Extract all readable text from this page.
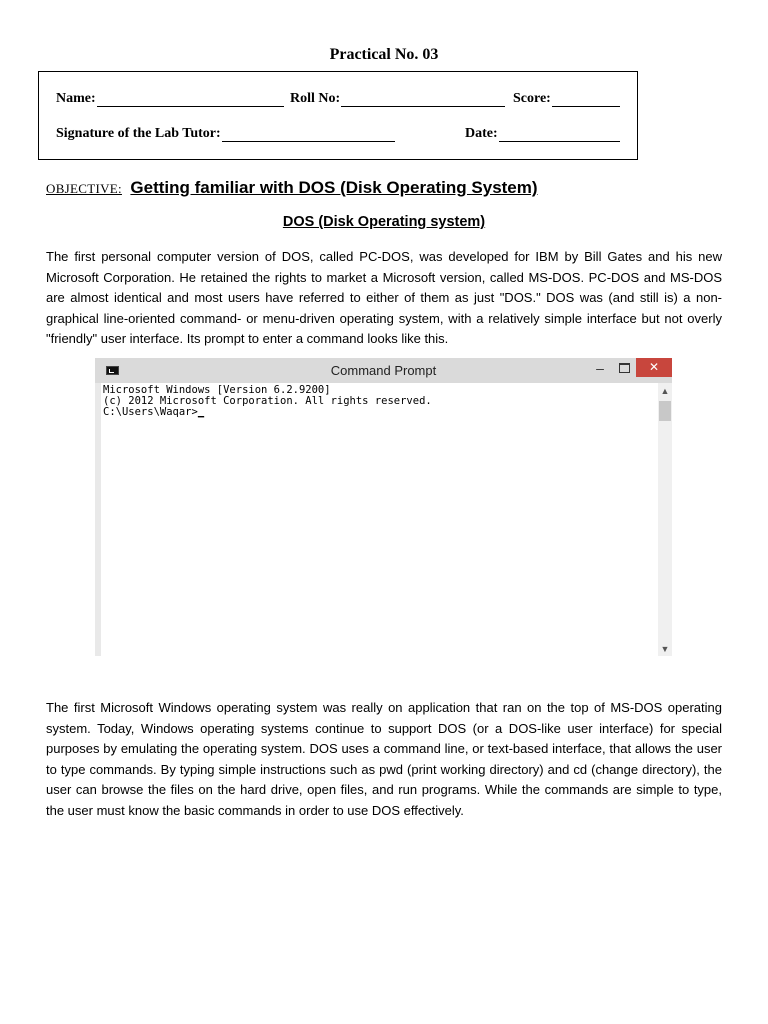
Practical No. 03
Name:	Roll No:	Score:
Signature of the Lab Tutor:	Date:
OBJECTIVE: Getting familiar with DOS (Disk Operating System)
DOS (Disk Operating system)

The first personal computer version of DOS, called PC-DOS, was developed for IBM by Bill Gates and his new Microsoft Corporation. He retained the rights to market a Microsoft version, called MS-DOS. PC-DOS and MS-DOS are almost identical and most users have referred to either of them as just "DOS." DOS was (and still is) a non-graphical line-oriented command- or menu-driven operating system, with a relatively simple interface but not overly "friendly" user interface. Its prompt to enter a command looks like this.

Command Prompt	–	✕
Microsoft Windows [Version 6.2.9200]
(c) 2012 Microsoft Corporation. All rights reserved.
C:\Users\Waqar>_
▲
▼

The first Microsoft Windows operating system was really on application that ran on the top of MS-DOS operating system. Today, Windows operating systems continue to support DOS (or a DOS-like user interface) for special purposes by emulating the operating system. DOS uses a command line, or text-based interface, that allows the user to type commands. By typing simple instructions such as pwd (print working directory) and cd (change directory), the user can browse the files on the hard drive, open files, and run programs. While the commands are simple to type, the user must know the basic commands in order to use DOS effectively.
